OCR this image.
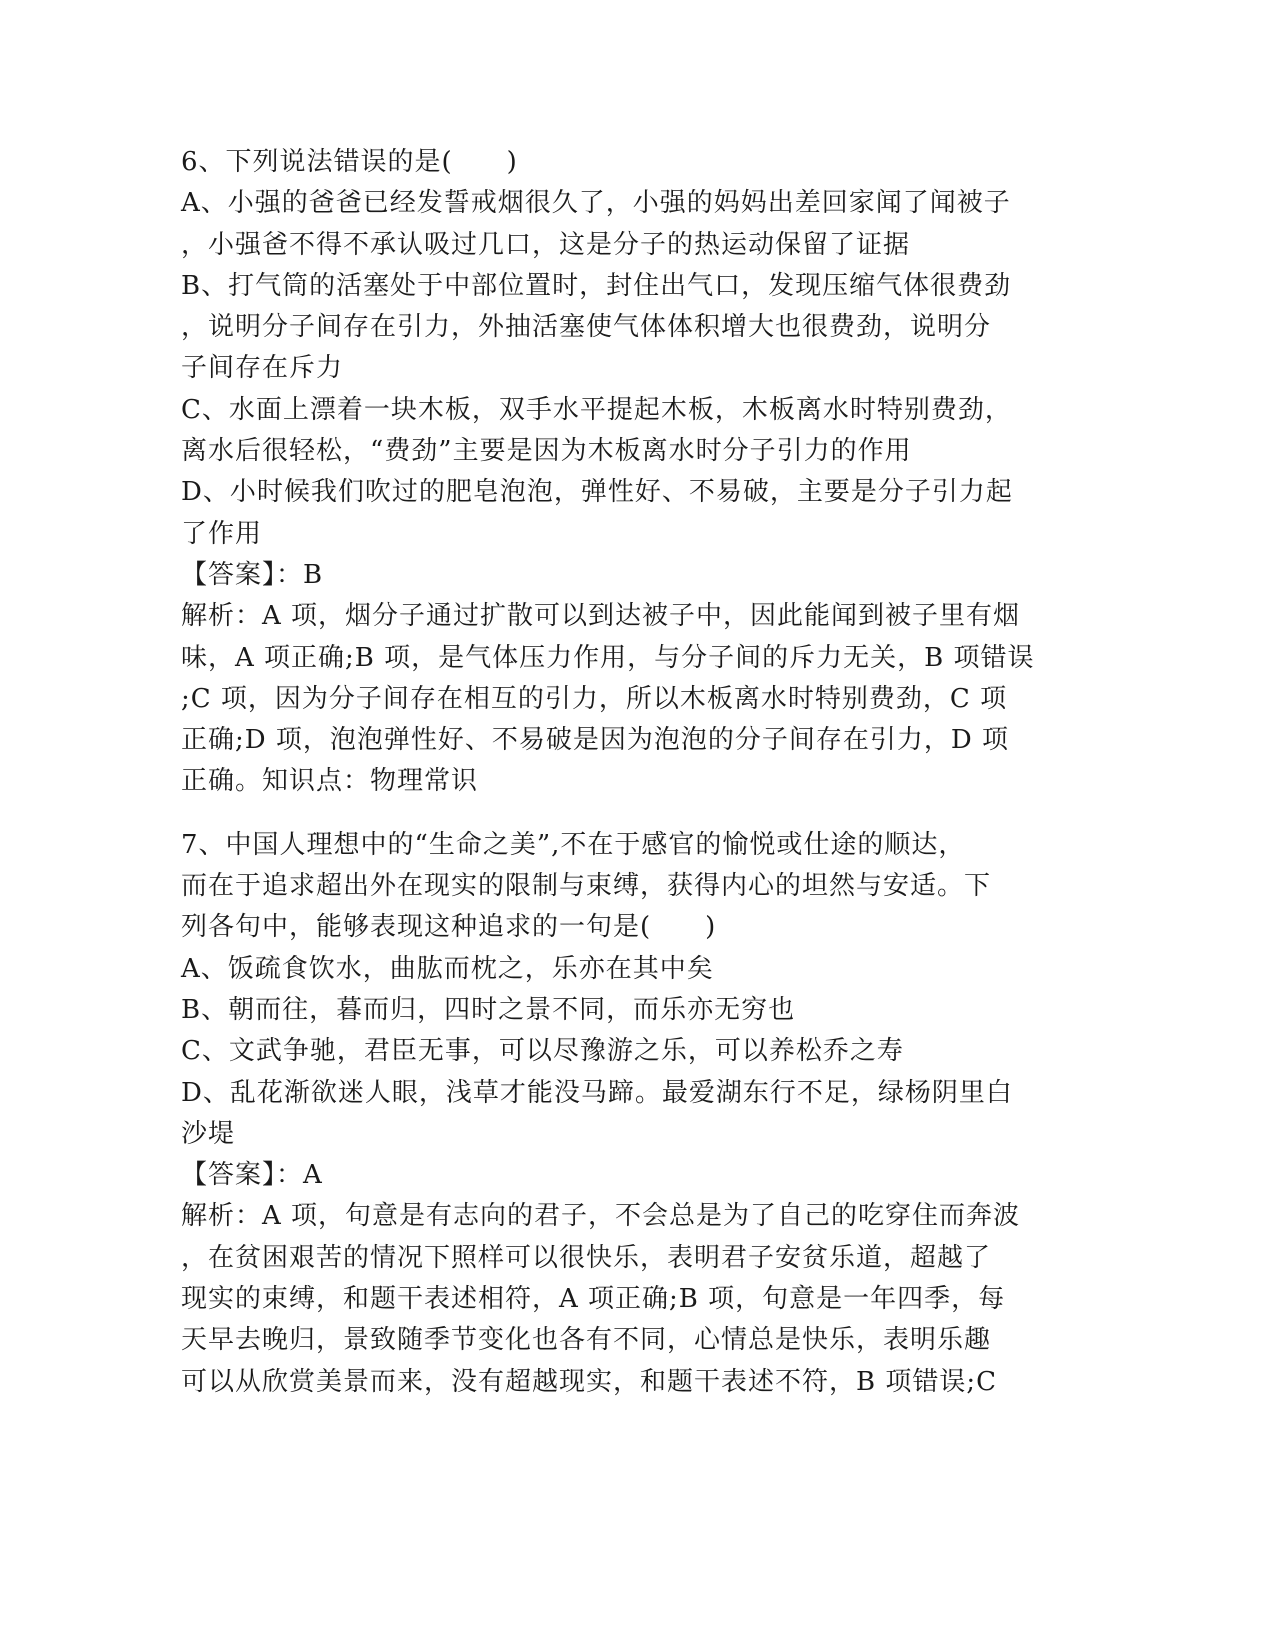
6、下列说法错误的是(　　)
A、小强的爸爸已经发誓戒烟很久了，小强的妈妈出差回家闻了闻被子
，小强爸不得不承认吸过几口，这是分子的热运动保留了证据
B、打气筒的活塞处于中部位置时，封住出气口，发现压缩气体很费劲
，说明分子间存在引力，外抽活塞使气体体积增大也很费劲，说明分
子间存在斥力
C、水面上漂着一块木板，双手水平提起木板，木板离水时特别费劲，
离水后很轻松，“费劲”主要是因为木板离水时分子引力的作用
D、小时候我们吹过的肥皂泡泡，弹性好、不易破，主要是分子引力起
了作用
【答案】：B
解析：A 项，烟分子通过扩散可以到达被子中，因此能闻到被子里有烟
味，A 项正确;B 项，是气体压力作用，与分子间的斥力无关，B 项错误
;C 项，因为分子间存在相互的引力，所以木板离水时特别费劲，C 项
正确;D 项，泡泡弹性好、不易破是因为泡泡的分子间存在引力，D 项
正确。知识点：物理常识
7、中国人理想中的“生命之美”,不在于感官的愉悦或仕途的顺达，
而在于追求超出外在现实的限制与束缚，获得内心的坦然与安适。下
列各句中，能够表现这种追求的一句是(　　)
A、饭疏食饮水，曲肱而枕之，乐亦在其中矣
B、朝而往，暮而归，四时之景不同，而乐亦无穷也
C、文武争驰，君臣无事，可以尽豫游之乐，可以养松乔之寿
D、乱花渐欲迷人眼，浅草才能没马蹄。最爱湖东行不足，绿杨阴里白
沙堤
【答案】：A
解析：A 项，句意是有志向的君子，不会总是为了自己的吃穿住而奔波
，在贫困艰苦的情况下照样可以很快乐，表明君子安贫乐道，超越了
现实的束缚，和题干表述相符，A 项正确;B 项，句意是一年四季，每
天早去晚归，景致随季节变化也各有不同，心情总是快乐，表明乐趣
可以从欣赏美景而来，没有超越现实，和题干表述不符，B 项错误;C
